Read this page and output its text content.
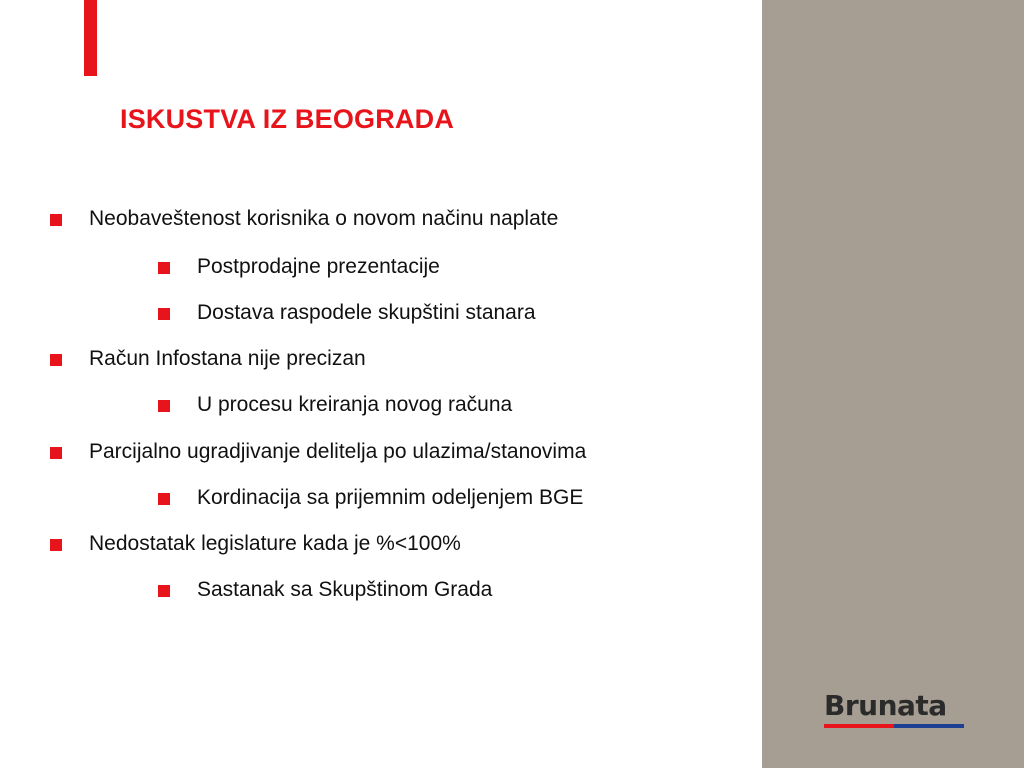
ISKUSTVA IZ BEOGRADA
Neobaveštenost korisnika o novom načinu naplate
Postprodajne prezentacije
Dostava raspodele skupštini stanara
Račun Infostana nije precizan
U procesu kreiranja novog računa
Parcijalno ugradjivanje delitelja po ulazima/stanovima
Kordinacija sa prijemnim odeljenjem BGE
Nedostatak legislature kada je %<100%
Sastanak sa Skupštinom Grada
Brunata
